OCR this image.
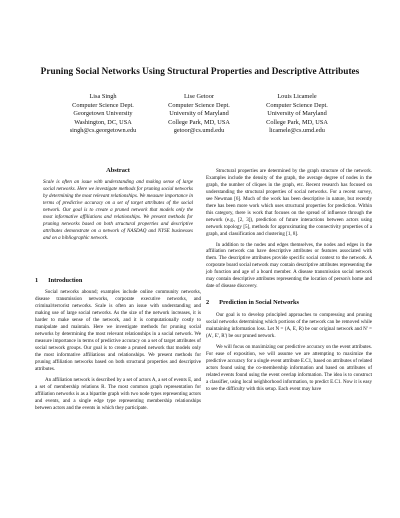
Pruning Social Networks Using Structural Properties and Descriptive Attributes
Lisa Singh
Computer Science Dept.
Georgetown University
Washington, DC, USA
singh@cs.georgetown.edu
Lise Getoor
Computer Science Dept.
University of Maryland
College Park, MD, USA
getoor@cs.umd.edu
Louis Licamele
Computer Science Dept.
University of Maryland
College Park, MD, USA
licamele@cs.umd.edu
Abstract
Scale is often an issue with understanding and making sense of large social networks. Here we investigate methods for pruning social networks by determining the most relevant relationships. We measure importance in terms of predictive accuracy on a set of target attributes of the social network. Our goal is to create a pruned network that models only the most informative affiliations and relationships. We present methods for pruning networks based on both structural properties and descriptive attributes demonstrate on a network of NASDAQ and NYSE businesses and on a bibliographic network.
1 Introduction

Social networks abound; examples include online community networks, disease transmission networks, corporate executive networks, and criminal/terrorist networks. Scale is often an issue with understanding and making use of large social networks. As the size of the network increases, it is harder to make sense of the network, and it is computationally costly to manipulate and maintain. Here we investigate methods for pruning social networks by determining the most relevant relationships in a social network. We measure importance in terms of predictive accuracy on a set of target attributes of social network groups. Our goal is to create a pruned network that models only the most informative affiliations and relationships. We present methods for pruning affiliation networks based on both structural properties and descriptive attributes.

An affiliation network is described by a set of actors A, a set of events E, and a set of membership relations R. The most common graph representation for affiliation networks is as a bipartite graph with two node types representing actors and events, and a single edge type representing membership relationships between actors and the events in which they participate.

Structural properties are determined by the graph structure of the network. Examples include the density of the graph, the average degree of nodes in the graph, the number of cliques in the graph, etc. Recent research has focused on understanding the structural properties of social networks. For a recent survey, see Newman [6]. Much of the work has been descriptive in nature, but recently there has been more work which uses structural properties for prediction. Within this category, there is work that focuses on the spread of influence through the network (e.g., [2, 3]), prediction of future interactions between actors using network topology [5], methods for approximating the connectivity properties of a graph, and classification and clustering [1, 8].

In addition to the nodes and edges themselves, the nodes and edges in the affiliation network can have descriptive attributes or features associated with them. The descriptive attributes provide specific social context to the network. A corporate board social network may contain descriptive attributes representing the job function and age of a board member. A disease transmission social network may contain descriptive attributes representing the location of person's home and date of disease discovery.

2 Prediction in Social Networks

Our goal is to develop principled approaches to compressing and pruning social networks determining which portions of the network can be removed while maintaining information loss. Let N = (A, E, R) be our original network and N' = (A', E', R') be our pruned network.

We will focus on maximizing our predictive accuracy on the event attributes. For ease of exposition, we will assume we are attempting to maximize the predictive accuracy for a single event attribute E.C1, based on attributes of related actors found using the co-membership information and based on attributes of related events found using the event overlap information. The idea is to construct a classifier, using local neighborhood information, to predict E.C1. Now it is easy to see the difficulty with this setup. Each event may have
